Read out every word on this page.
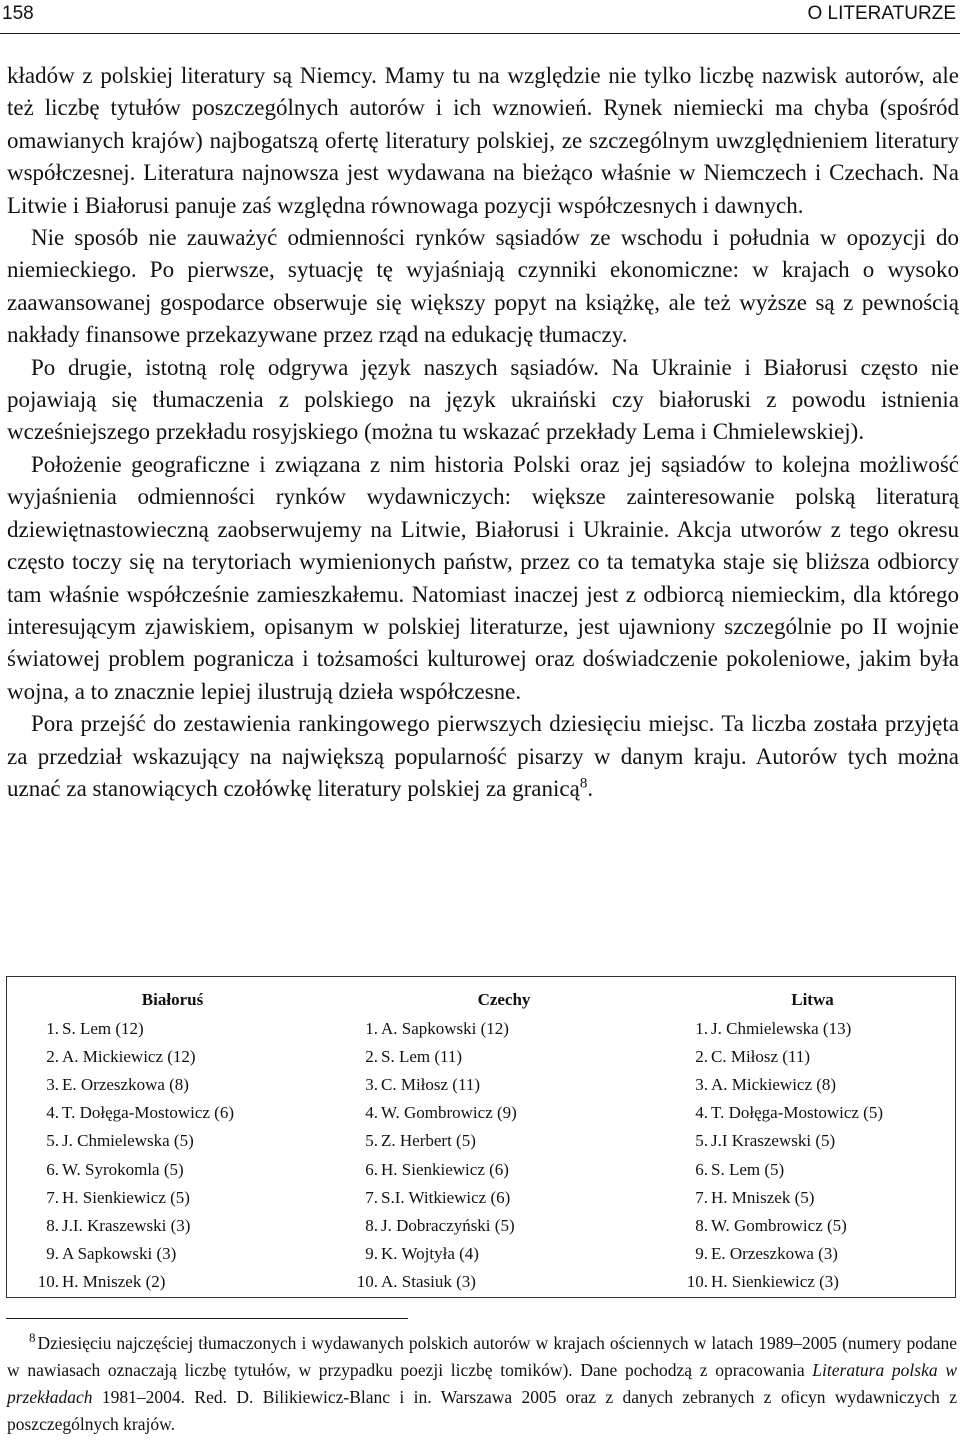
158	O LITERATURZE

kładów z polskiej literatury są Niemcy. Mamy tu na względzie nie tylko liczbę nazwisk autorów, ale też liczbę tytułów poszczególnych autorów i ich wznowień. Rynek niemiecki ma chyba (spośród omawianych krajów) najbogatszą ofertę literatury polskiej, ze szczególnym uwzględnieniem literatury współczesnej. Literatura najnowsza jest wydawana na bieżąco właśnie w Niemczech i Czechach. Na Litwie i Białorusi panuje zaś względna równowaga pozycji współczesnych i dawnych.

Nie sposób nie zauważyć odmienności rynków sąsiadów ze wschodu i południa w opozycji do niemieckiego. Po pierwsze, sytuację tę wyjaśniają czynniki ekonomiczne: w krajach o wysoko zaawansowanej gospodarce obserwuje się większy popyt na książkę, ale też wyższe są z pewnością nakłady finansowe przekazywane przez rząd na edukację tłumaczy.

Po drugie, istotną rolę odgrywa język naszych sąsiadów. Na Ukrainie i Białorusi często nie pojawiają się tłumaczenia z polskiego na język ukraiński czy białoruski z powodu istnienia wcześniejszego przekładu rosyjskiego (można tu wskazać przekłady Lema i Chmielewskiej).

Położenie geograficzne i związana z nim historia Polski oraz jej sąsiadów to kolejna możliwość wyjaśnienia odmienności rynków wydawniczych: większe zainteresowanie polską literaturą dziewiętnastowieczną zaobserwujemy na Litwie, Białorusi i Ukrainie. Akcja utworów z tego okresu często toczy się na terytoriach wymienionych państw, przez co ta tematyka staje się bliższa odbiorcy tam właśnie współcześnie zamieszkałemu. Natomiast inaczej jest z odbiorcą niemieckim, dla którego interesującym zjawiskiem, opisanym w polskiej literaturze, jest ujawniony szczególnie po II wojnie światowej problem pogranicza i tożsamości kulturowej oraz doświadczenie pokoleniowe, jakim była wojna, a to znacznie lepiej ilustrują dzieła współczesne.

Pora przejść do zestawienia rankingowego pierwszych dziesięciu miejsc. Ta liczba została przyjęta za przedział wskazujący na największą popularność pisarzy w danym kraju. Autorów tych można uznać za stanowiących czołówkę literatury polskiej za granicą$^8$.

Białoruś	Czechy	Litwa
1. S. Lem (12)	1. A. Sapkowski (12)	1. J. Chmielewska (13)
2. A. Mickiewicz (12)	2. S. Lem (11)	2. C. Miłosz (11)
3. E. Orzeszkowa (8)	3. C. Miłosz (11)	3. A. Mickiewicz (8)
4. T. Dołęga-Mostowicz (6)	4. W. Gombrowicz (9)	4. T. Dołęga-Mostowicz (5)
5. J. Chmielewska (5)	5. Z. Herbert (5)	5. J.I Kraszewski (5)
6. W. Syrokomla (5)	6. H. Sienkiewicz (6)	6. S. Lem (5)
7. H. Sienkiewicz (5)	7. S.I. Witkiewicz (6)	7. H. Mniszek (5)
8. J.I. Kraszewski (3)	8. J. Dobraczyński (5)	8. W. Gombrowicz (5)
9. A Sapkowski (3)	9. K. Wojtyła (4)	9. E. Orzeszkowa (3)
10. H. Mniszek (2)	10. A. Stasiuk (3)	10. H. Sienkiewicz (3)
$^8$ Dziesięciu najczęściej tłumaczonych i wydawanych polskich autorów w krajach ościennych w latach 1989–2005 (numery podane w nawiasach oznaczają liczbę tytułów, w przypadku poezji liczbę tomików). Dane pochodzą z opracowania Literatura polska w przekładach 1981–2004. Red. D. Bilikiewicz-Blanc i in. Warszawa 2005 oraz z danych zebranych z oficyn wydawniczych z poszczególnych krajów.
